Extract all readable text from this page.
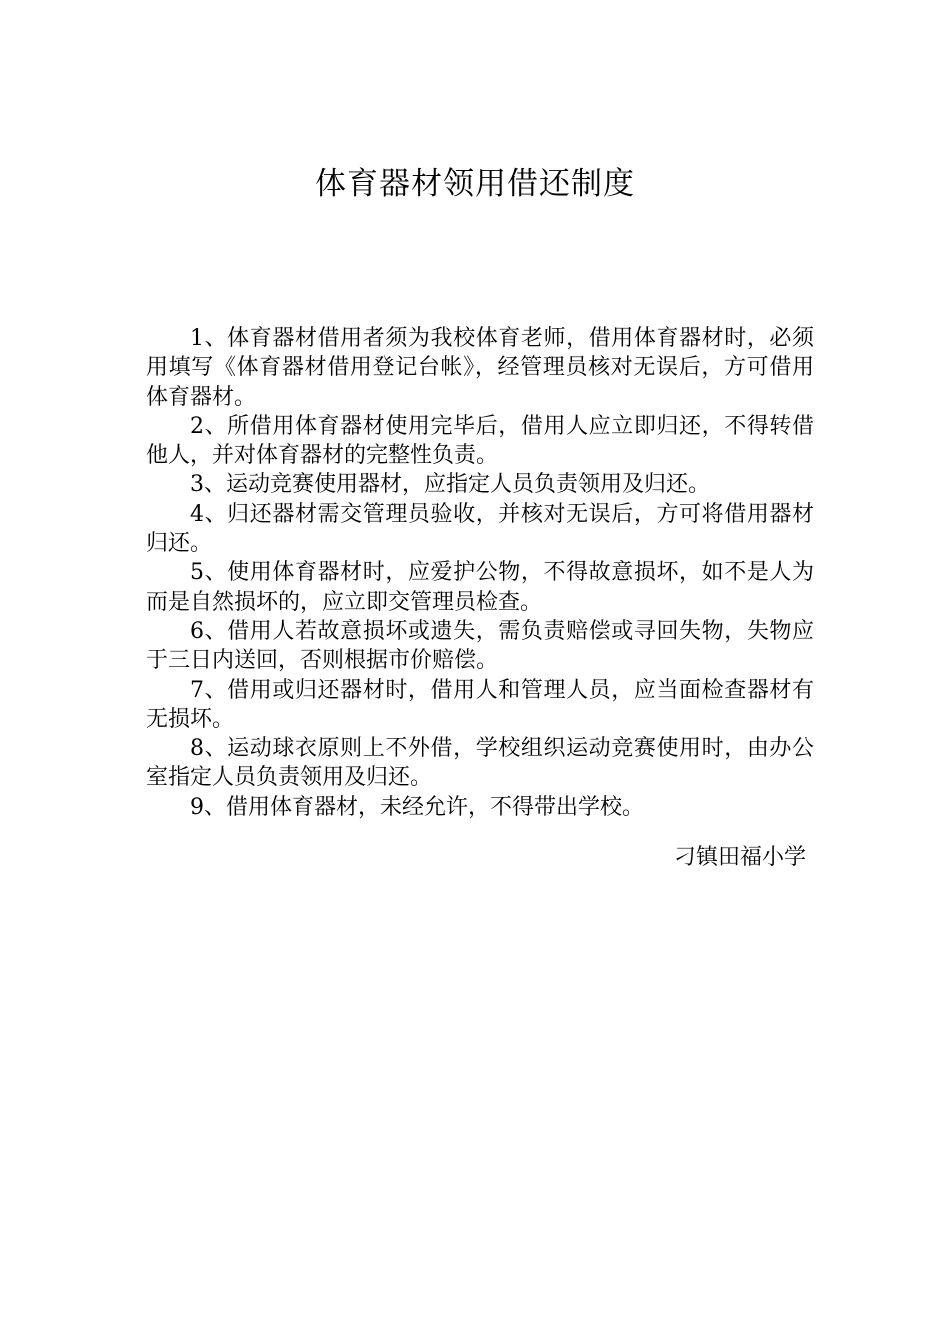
体育器材领用借还制度

1、体育器材借用者须为我校体育老师，借用体育器材时，必须用填写《体育器材借用登记台帐》，经管理员核对无误后，方可借用体育器材。

2、所借用体育器材使用完毕后，借用人应立即归还，不得转借他人，并对体育器材的完整性负责。

3、运动竞赛使用器材，应指定人员负责领用及归还。

4、归还器材需交管理员验收，并核对无误后，方可将借用器材归还。

5、使用体育器材时，应爱护公物，不得故意损坏，如不是人为而是自然损坏的，应立即交管理员检查。

6、借用人若故意损坏或遗失，需负责赔偿或寻回失物，失物应于三日内送回，否则根据市价赔偿。

7、借用或归还器材时，借用人和管理人员，应当面检查器材有无损坏。

8、运动球衣原则上不外借，学校组织运动竞赛使用时，由办公室指定人员负责领用及归还。

9、借用体育器材，未经允许，不得带出学校。

刁镇田福小学
